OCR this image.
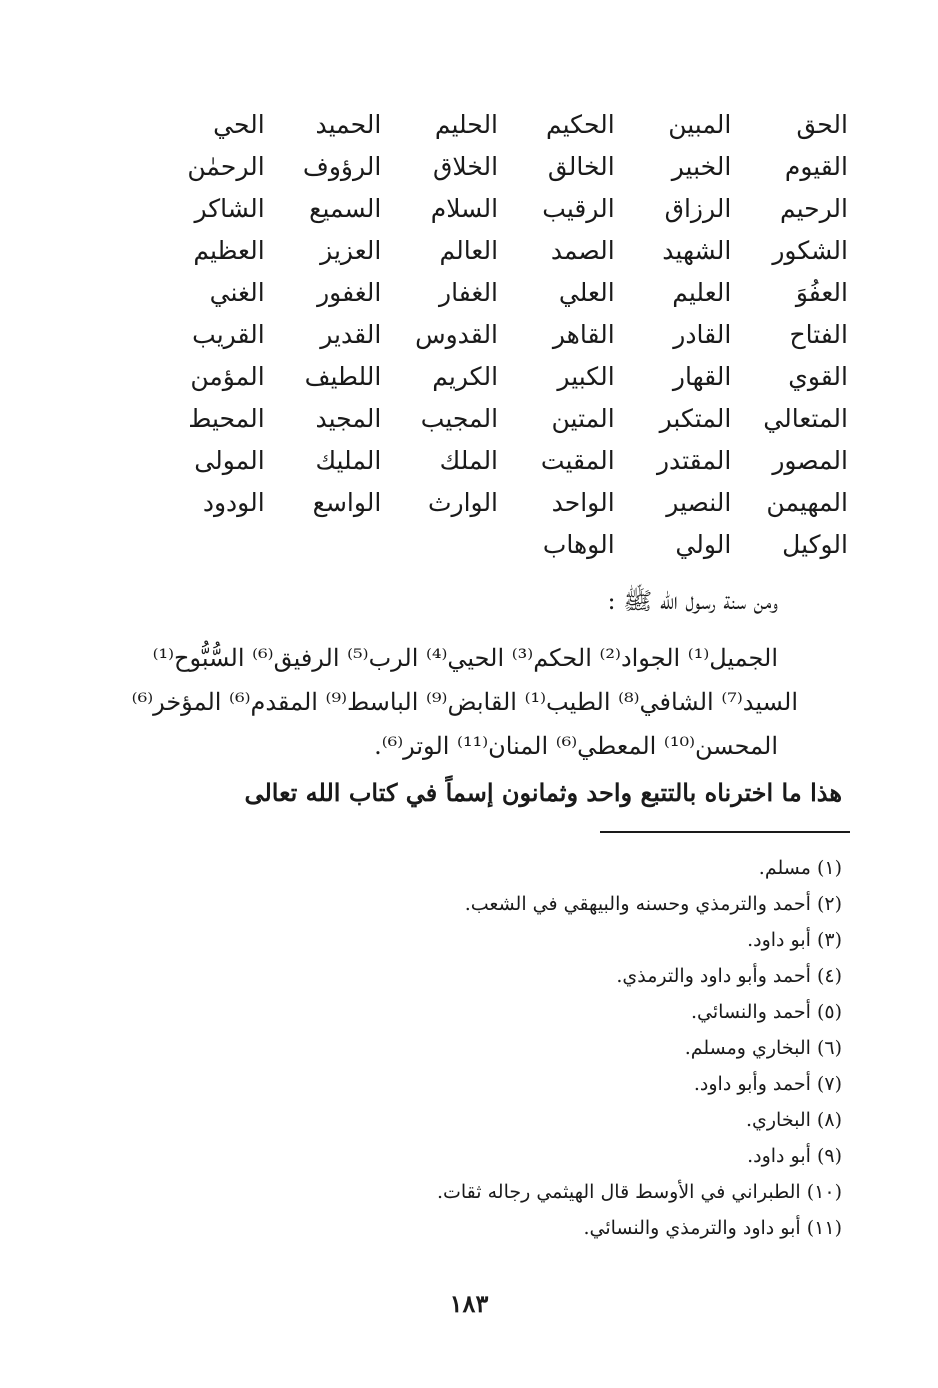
الحق
المبين
الحكيم
الحليم
الحميد
الحي
القيوم
الخبير
الخالق
الخلاق
الرؤوف
الرحمٰن
الرحيم
الرزاق
الرقيب
السلام
السميع
الشاكر
الشكور
الشهيد
الصمد
العالم
العزيز
العظيم
العفُوَ
العليم
العلي
الغفار
الغفور
الغني
الفتاح
القادر
القاهر
القدوس
القدير
القريب
القوي
القهار
الكبير
الكريم
اللطيف
المؤمن
المتعالي
المتكبر
المتين
المجيب
المجيد
المحيط
المصور
المقتدر
المقيت
الملك
المليك
المولى
المهيمن
النصير
الواحد
الوارث
الواسع
الودود
الوكيل
الولي
الوهاب
ومن سنة رسول الله ﷺ :
الجميل⁽¹⁾ الجواد⁽²⁾ الحكم⁽³⁾ الحيي⁽⁴⁾ الرب⁽⁵⁾ الرفيق⁽⁶⁾ السُّبُّوح⁽¹⁾
السيد⁽⁷⁾ الشافي⁽⁸⁾ الطيب⁽¹⁾ القابض⁽⁹⁾ الباسط⁽⁹⁾ المقدم⁽⁶⁾ المؤخر⁽⁶⁾
المحسن⁽¹⁰⁾ المعطي⁽⁶⁾ المنان⁽¹¹⁾ الوتر⁽⁶⁾.
هذا ما اخترناه بالتتبع واحد وثمانون إسماً في كتاب الله تعالى
(١) مسلم.
(٢) أحمد والترمذي وحسنه والبيهقي في الشعب.
(٣) أبو داود.
(٤) أحمد وأبو داود والترمذي.
(٥) أحمد والنسائي.
(٦) البخاري ومسلم.
(٧) أحمد وأبو داود.
(٨) البخاري.
(٩) أبو داود.
(١٠) الطبراني في الأوسط قال الهيثمي رجاله ثقات.
(١١) أبو داود والترمذي والنسائي.
١٨٣
